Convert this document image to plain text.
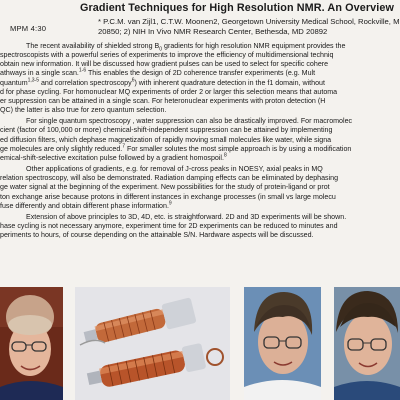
MPM 4:30
Gradient Techniques for High Resolution NMR. An Overview
* P.C.M. van Zijl1, C.T.W. Moonen2, Georgetown University Medical School, Rockville, M
20850; 2) NIH In Vivo NMR Research Center, Bethesda, MD 20892

The recent availability of shielded strong $B_0$ gradients for high resolution NMR equipment provides the

spectroscopists with a powerful series of experiments to improve the efficiency of multidimensional techniq

obtain new information. It will be discussed how gradient pulses can be used to select for specific cohere

athways in a single scan.$^{1-6}$ This enables the design of 2D coherence transfer experiments (e.g. Mult

quantum$^{1,3-5}$ and correlation spectroscopy$^6$) with inherent quadrature detection in the f1 domain, without

d for phase cycling. For homonuclear MQ experiments of order 2 or larger this selection means that automa

er suppression can be attained in a single scan. For heteronuclear experiments with proton detection (H

QC) the latter is also true for zero quantum selection.

For single quantum spectroscopy , water suppression can also be drastically improved. For macromolec

cient (factor of 100,000 or more) chemical-shift-independent suppression can be attained by implementing

ed diffusion filters, which dephase magnetization of rapidly moving small molecules like water, while signa

ge molecules are only slightly reduced.$^7$ For smaller solutes the most simple approach is by using a modification

emical-shift-selective excitation pulse followed by a gradient homospoil.$^8$

Other applications of gradients, e.g. for removal of J-cross peaks in NOESY, axial peaks in MQ

relation spectroscopy, will also be demonstrated. Radiation damping effects can be eliminated by dephasing

ge water signal at the beginning of the experiment. New possibilities for the study of protein-ligand or prot

ton exchange arise because protons in different instances in exchange processes (in small vs large molecu

fuse differently and obtain different phase information.$^9$

Extension of above principles to 3D, 4D, etc. is straightforward. 2D and 3D experiments will be shown.

hase cycling is not necessary anymore, experiment time for 2D experiments can be reduced to minutes and

periments to hours, of course depending on the attainable S/N. Hardware aspects will be discussed.
